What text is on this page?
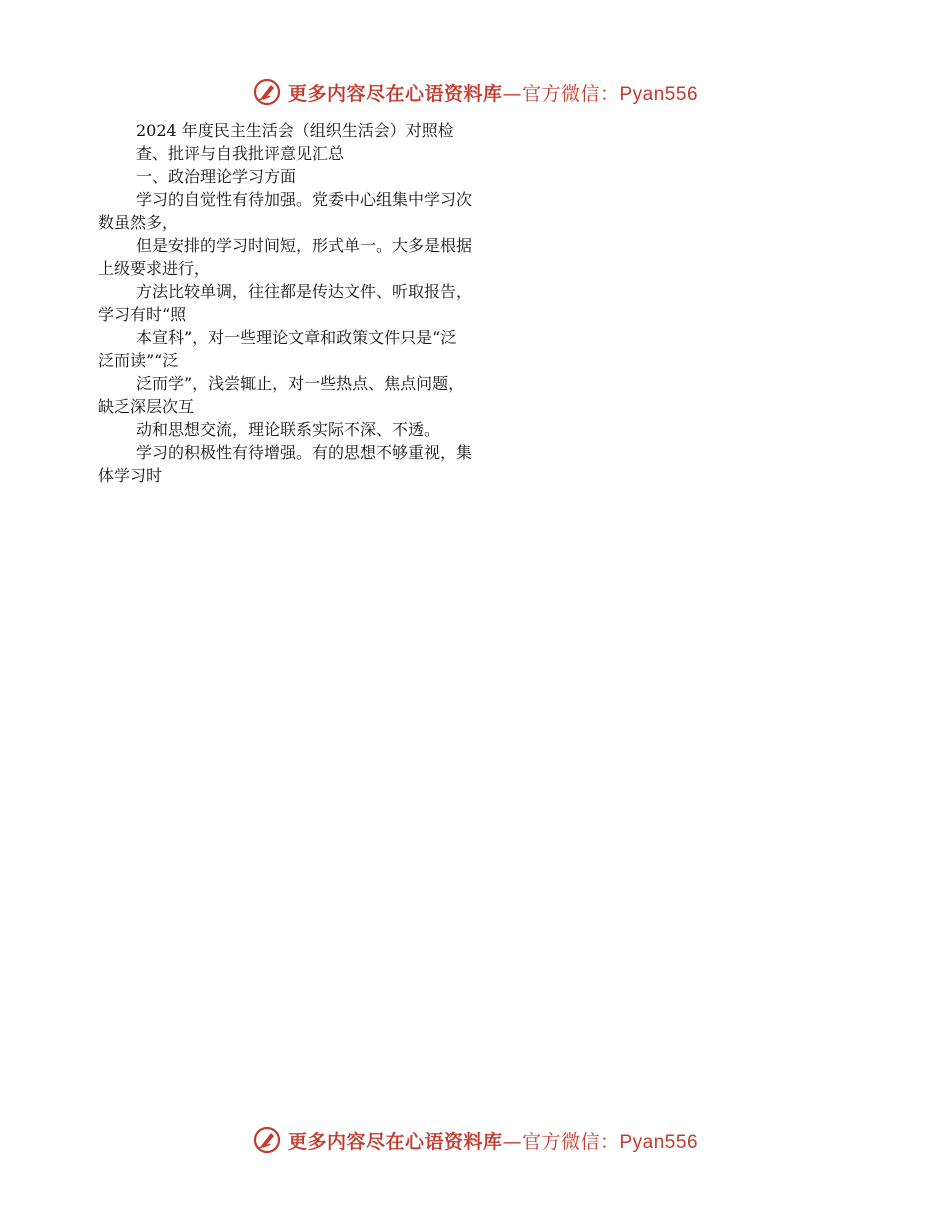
更多内容尽在心语资料库—官方微信：Pyan556
2024 年度民主生活会（组织生活会）对照检
查、批评与自我批评意见汇总
一、政治理论学习方面
学习的自觉性有待加强。党委中心组集中学习次
数虽然多，
但是安排的学习时间短，形式单一。大多是根据
上级要求进行，
方法比较单调，往往都是传达文件、听取报告，
学习有时“照
本宣科”，对一些理论文章和政策文件只是“泛
泛而读”“泛
泛而学”，浅尝辄止，对一些热点、焦点问题，
缺乏深层次互
动和思想交流，理论联系实际不深、不透。
学习的积极性有待增强。有的思想不够重视，集
体学习时
更多内容尽在心语资料库—官方微信：Pyan556
